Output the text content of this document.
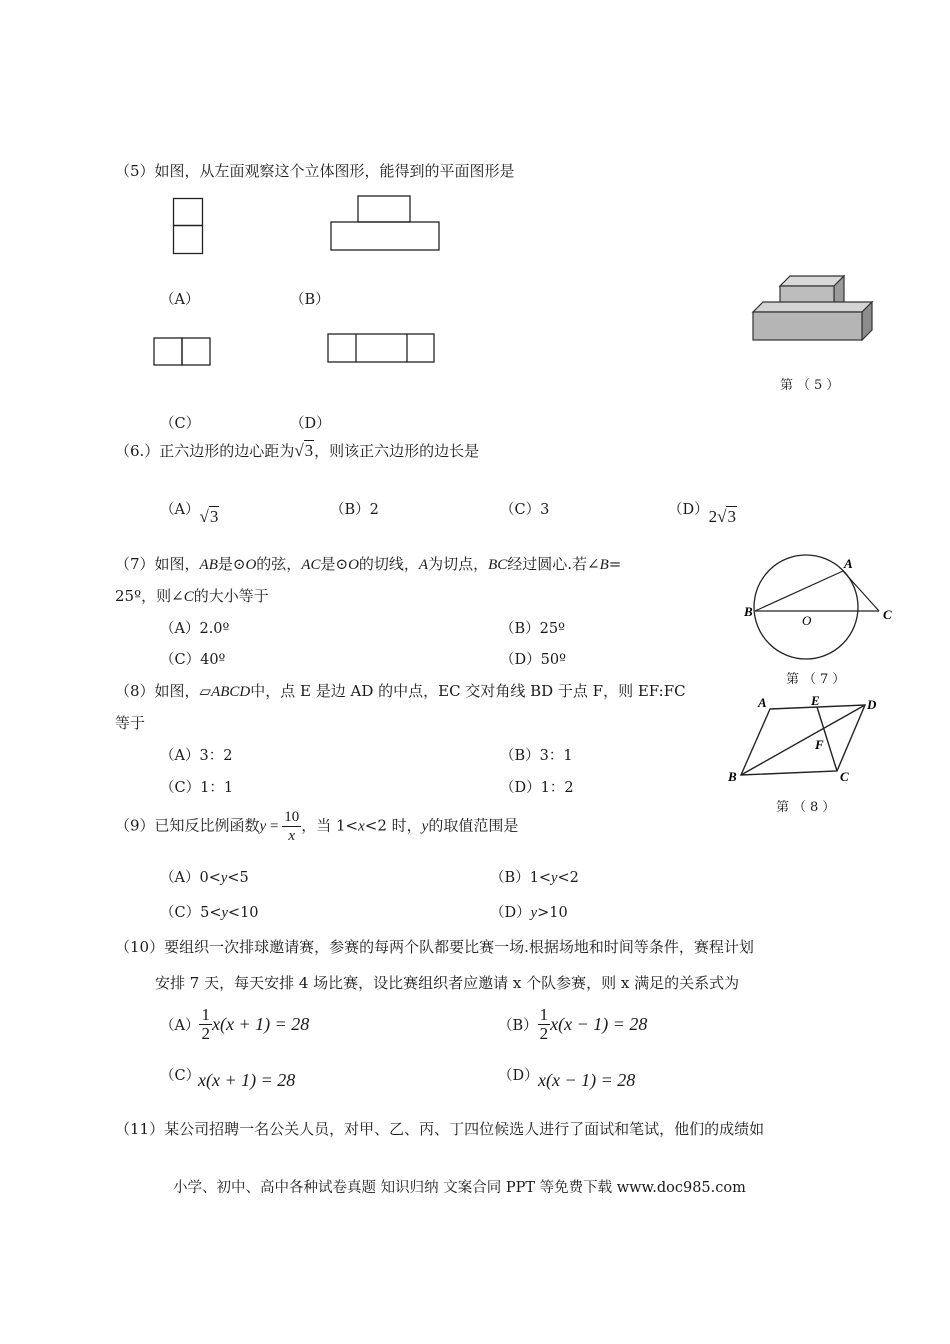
（5）如图，从左面观察这个立体图形，能得到的平面图形是
（A）	（B）
（C）	（D）
第（5）
（6.）正六边形的边心距为√3，则该正六边形的边长是
（A）√3	（B）2	（C）3	（D）2√3
（7）如图，AB是⊙O的弦，AC是⊙O的切线，A为切点，BC经过圆心.若∠B=
25º，则∠C的大小等于
（A）2.0º	（B）25º
（C）40º	（D）50º
A
B	C
O
第（7）
（8）如图，▱ABCD中，点 E 是边 AD 的中点，EC 交对角线 BD 于点 F，则 EF:FC
等于
（A）3：2	（B）3：1
（C）1：1	（D）1：2
A	E	D
F
B	C
第（8）
（9）已知反比例函数$y = \frac{10}{x}$ ，当 1<x<2 时，y的取值范围是
（A）0<y<5	（B）1<y<2
（C）5<y<10	（D）y>10
（10）要组织一次排球邀请赛，参赛的每两个队都要比赛一场.根据场地和时间等条件，赛程计划
安排 7 天，每天安排 4 场比赛，设比赛组织者应邀请 x 个队参赛，则 x 满足的关系式为
$(A) \frac{1}{2} x(x + 1) = 28$	$(B) \frac{1}{2} x(x - 1) = 28$
（C）
x(x + 1) = 28	（D） x(x − 1) = 28
（11）某公司招聘一名公关人员，对甲、乙、丙、丁四位候选人进行了面试和笔试，他们的成绩如
小学、初中、高中各种试卷真题 知识归纳 文案合同 PPT 等免费下载 www.doc985.com
